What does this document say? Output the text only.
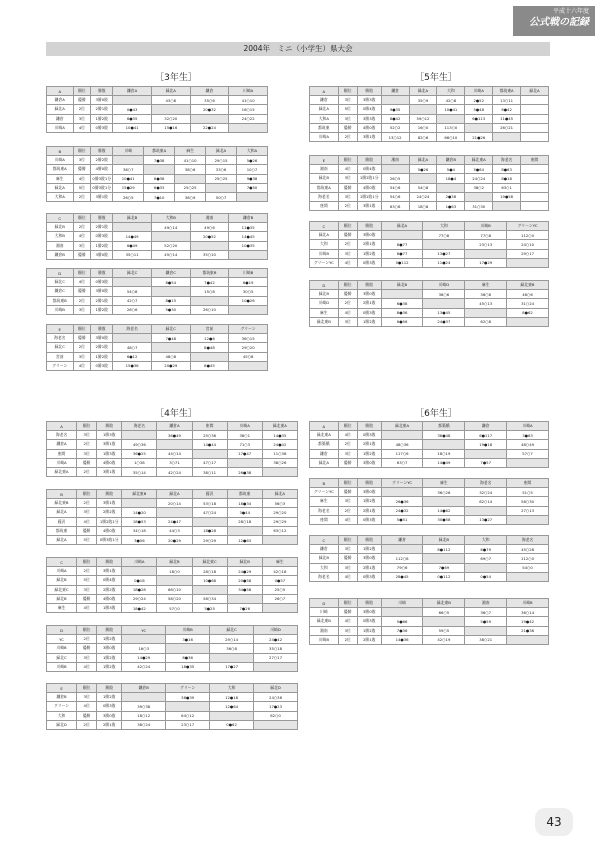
平成十六年度
公式戦の記録
2004年　ミニ（小学生）県大会
［3年生］	［5年生］
［4年生］	［6年生］
A	順位	勝敗	鎌倉A	緑北A	鎌倉	川崎A
鎌倉A	優勝	3勝0敗		43○8	35○6	41○10
緑北A	2位	2勝1敗	0●43		20●32	16○15
鎌倉	3位	1勝2敗	6●35	32○20		24○22
川崎A	4位	0勝3敗	10●41	15●16	22●24	
B	順位	勝敗	川崎	都筑東A	麻生	緑北A	大和A
川崎A	3位	2勝2敗		7●38	41○10	29○15	5●26
都筑東A	優勝	4勝0敗	38○7		38○6	33○6	10○7
麻生	4位	0勝3敗1分	10●41	6●38		25○25	9●38
緑北A	5位	0勝3敗1分	15●29	6●33	25○25		7●50
大和A	2位	3勝1敗	26○5	7●10	38○9	50○7	
C	順位	勝敗	緑北B	大和B	湘南	鎌倉B
緑北B	2位	2勝1敗		49○14	49○6	11●35
大和B	4位	0勝3敗	14●49		20●52	14●45
湘南	3位	1勝2敗	6●49	52○20		10●35
鎌倉B	優勝	3勝0敗	35○11	45○14	35○10	
D	順位	勝敗	緑北C	鎌倉C	都筑東B	川崎B
緑北C	4位	0勝3敗		8●54	7●42	6●19
鎌倉C	優勝	3勝0敗	54○8		15○8	30○5
都筑東B	2位	2勝1敗	42○7	8●15		10●26
川崎B	3位	1勝2敗	26○6	5●30	26○10	
E	順位	勝敗	海老名	緑北C	宮前	グリーン
海老名	優勝	3勝0敗		7●48	12●6	36○15
緑北C	2位	2勝1敗	48○7		8●48	29○20
宮前	3位	1勝2敗	6●12	48○8		45○8
グリーン	4位	0勝3敗	15●36	20●29	8●45	
A	順位	勝敗	鎌倉	緑北A	大和	川崎A	都筑東A	緑北A
鎌倉	3位	3勝3敗		35○9	42○8	2●52	13○11	
緑北A	5位	0勝4敗	9●35		10●41	5●48	6●42	
大和A	3位	3勝3敗	8●42	59○12		6●113	11●45	
都筑東	優勝	4勝0敗	52○2	16○0	113○0		26○21	
川崎A	2位	3勝1敗	13○12	82○6	66○10	21●26		
E	順位	勝敗	湘南	緑北A	鎌倉B	緑北東A	海老名	座間
湘南	4位	0勝4敗		5●26	5●4	5●64	8●63	
緑北B	3位	1勝2敗1分	26○5		18●4	24○24	8●18	
都筑東A	優勝	4勝0敗	54○6	54○8		38○2	63○1	
海老名	3位	1勝2敗1分	54○6	24○24	2●38		19●58	
座間	2位	3勝1敗	63○8	18○8	1●63	31○30		
C	順位	勝敗	緑北A	大和	川崎B	グリーンYC
緑北A	優勝	3勝0敗		77○8	77○8	112○0
大和	2位	2勝1敗	8●77		23○13	24○10
川崎B	3位	1勝2敗	8●77	13●27		29○17
グリーンYC	4位	0勝3敗	0●112	11●24	17●29	
D	順位	勝敗	緑北B	川崎D	麻生	緑北東B
緑北B	優勝	3勝0敗		38○6	36○8	46○6
川崎D	2位	2勝1敗	6●38		45○13	31○24
麻生	4位	0勝3敗	8●36	13●45		8●62
緑北東B	3位	1勝2敗	6●56	24●37	62○8	
A	順位	勝敗	海老名	鎌倉A	座間	川崎A	緑北東A
海老名	3位	1勝3敗		36●49	25○36	38○1	14●35
鎌倉A	2位	3勝1敗	49○36		14●44	71○3	24●42
座間	3位	1勝3敗	36●25	44○14		17●47	11○38
川崎A	優勝	4勝0敗	1○38	3○71	47○17		38○26
緑北東A	2位	3勝1敗	35○14	42○24	38○11	26●38	
B	順位	勝敗	緑北東B	緑北A	藤沢	都筑東	緑北A
緑北東B	2位	3勝1敗		20○14	53○18	18●34	56○3
緑北A	3位	2勝2敗	14●20		47○24	3●44	29○20
藤沢	4位	1勝2敗1分	18●53	24●47		28○18	29○29
都筑東	優勝	4勝0敗	34○18	44○3	18●28		63○12
緑北A	5位	0勝3敗1分	3●56	20●29	29○29	12●63	
C	順位	勝敗	川崎A	緑北B	緑北東C	緑北B	麻生
川崎A	2位	3勝1敗		18○0	28○18	24●29	42○18
緑北B	5位	0勝4敗	0●18		10●68	20●58	0●57
緑北東C	3位	2勝2敗	18●28	68○10		34●58	25○5
緑北B	優勝	4勝0敗	29○24	58○20	58○34		26○7
麻生	4位	1勝3敗	18●42	57○0	5●25	7●26	
D	順位	勝敗	YC	川崎B	緑北C	川崎D
YC	2位	1勝2敗		3●16	29○14	24●42
川崎B	優勝	3勝0敗	16○3		36○8	35○18
緑北C	3位	1勝2敗	14●29	8●36		27○17
川崎B	4位	1勝2敗	42○24	18●35	17●27	
E	順位	勝敗	鎌倉B	グリーン	大和	緑北D
鎌倉B	3位	1勝2敗		38●39	12●18	24○38
グリーン	4位	0勝3敗	39○38		12●64	17●23
大和	優勝	3勝0敗	18○12	64○12		62○0
緑北D	2位	2勝1敗	38○24	23○17	0●62	
A	順位	勝敗	緑北東A	都築橋	鎌倉	川崎A
緑北東A	4位	0勝3敗		36●48	6●117	3●63
都築橋	2位	2勝1敗	48○36		19●18	48○49
鎌倉	3位	1勝2敗	117○6	18○19		57○7
緑北A	優勝	3勝0敗	63○7	14●49	7●57	
B	順位	勝敗	グリーンYC	麻生	海老名	座間
グリーンYC	優勝	3勝0敗		36○26	32○24	51○5
麻生	3位	1勝2敗	26●36		62○14	58○30
海老名	2位	2勝1敗	24●32	14●62		27○13
座間	4位	0勝3敗	5●51	30●58	13●27	
C	順位	勝敗	鎌倉	緑北B	大和	海老名
鎌倉	3位	1勝2敗		8●112	6●79	45○28
緑北B	優勝	3勝0敗	112○8		69○7	112○0
大和	3位	2勝1敗	79○6	7●69		54○0
海老名	4位	0勝3敗	28●45	0●112	0●54	
D	順位	勝敗	川崎	緑北東B	湘南	川崎B
川崎	優勝	3勝0敗		66○5	36○7	36○14
緑北東B	4位	0勝3敗	5●66		5●59	19●42
湘南	3位	1勝2敗	7●36	59○5		21●38
川崎B	2位	2勝1敗	14●36	42○19	38○21	
43
